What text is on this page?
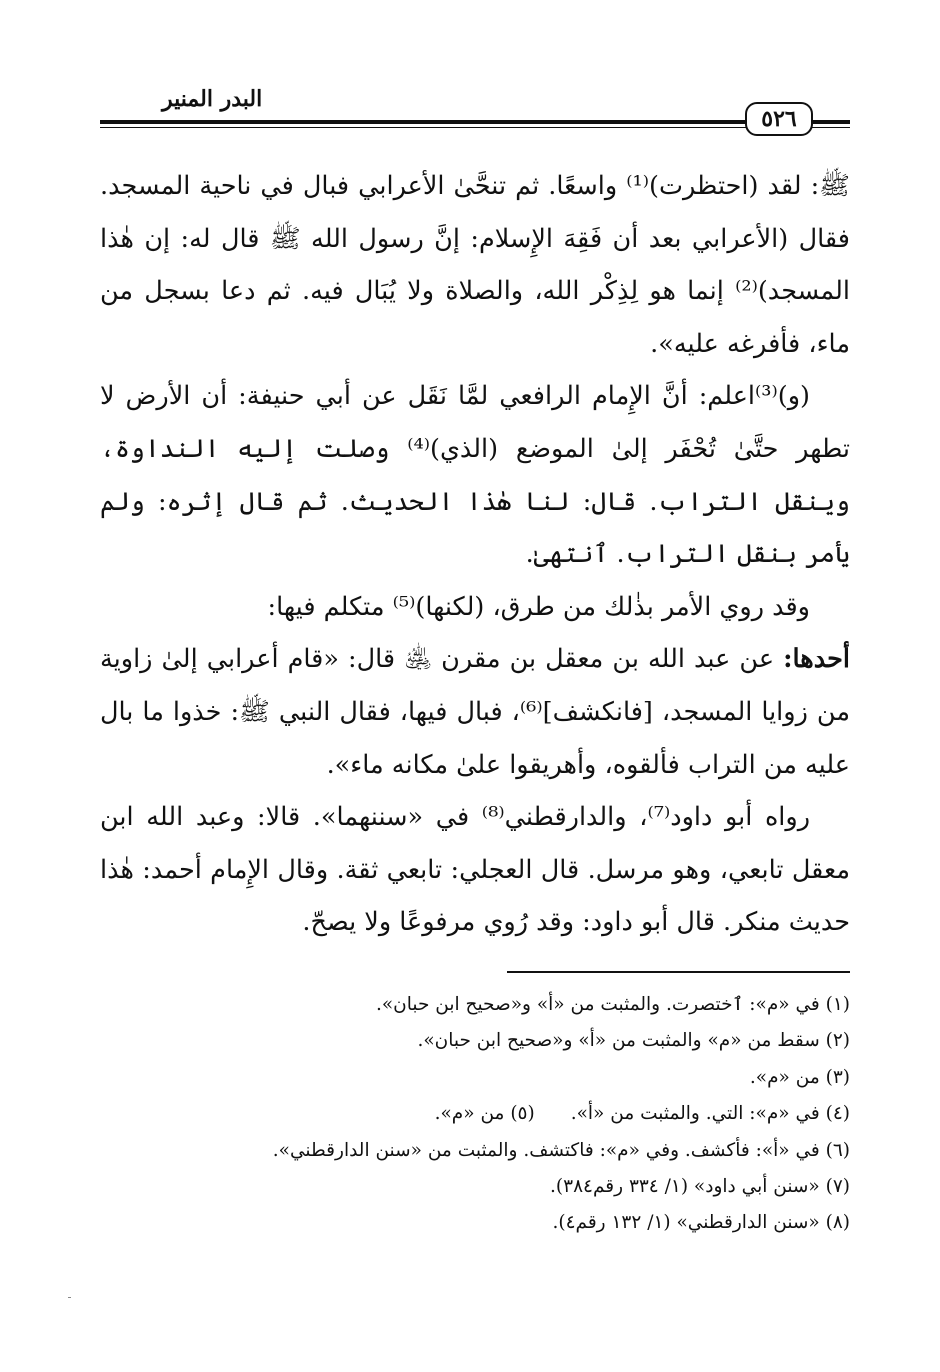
البدر المنير
٥٢٦

ﷺ: لقد (احتظرت)⁽¹⁾ واسعًا. ثم تنحَّىٰ الأعرابي فبال في ناحية المسجد. فقال (الأعرابي بعد أن فَقِهَ الإِسلام: إنَّ رسول الله ﷺ قال له: إن هٰذا المسجد)⁽²⁾ إنما هو لِذِكْر الله، والصلاة ولا يُبَال فيه. ثم دعا بسجل من ماء، فأفرغه عليه».

(و)⁽³⁾اعلم: أنَّ الإِمام الرافعي لمَّا نَقَل عن أبي حنيفة: أن الأرض لا تطهر حتَّىٰ تُحْفَر إلىٰ الموضع (الذي)⁽⁴⁾ وصلت إليه النداوة، وينقل التراب. قال: لنا هٰذا الحديث. ثم قال إثره: ولم يأمر بنقل التراب. ٱنتهىٰ.

وقد روي الأمر بذٰلك من طرق، (لكنها)⁽⁵⁾ متكلم فيها:

أحدها: عن عبد الله بن معقل بن مقرن ﵁ قال: «قام أعرابي إلىٰ زاوية من زوايا المسجد، [فانكشف]⁽⁶⁾، فبال فيها، فقال النبي ﷺ: خذوا ما بال عليه من التراب فألقوه، وأهريقوا علىٰ مكانه ماء».

رواه أبو داود⁽⁷⁾، والدارقطني⁽⁸⁾ في «سننهما». قالا: وعبد الله ابن معقل تابعي، وهو مرسل. قال العجلي: تابعي ثقة. وقال الإِمام أحمد: هٰذا حديث منكر. قال أبو داود: وقد رُوي مرفوعًا ولا يصحّ.

(١) في «م»: ٱختصرت. والمثبت من «أ» و«صحيح ابن حبان».
(٢) سقط من «م» والمثبت من «أ» و«صحيح ابن حبان».
(٣) من «م».
(٤) في «م»: التي. والمثبت من «أ».(٥) من «م».
(٦) في «أ»: فأكشف. وفي «م»: فاكتشف. والمثبت من «سنن الدارقطني».
(٧) «سنن أبي داود» (١/ ٣٣٤ رقم٣٨٤).
(٨) «سنن الدارقطني» (١/ ١٣٢ رقم٤).
